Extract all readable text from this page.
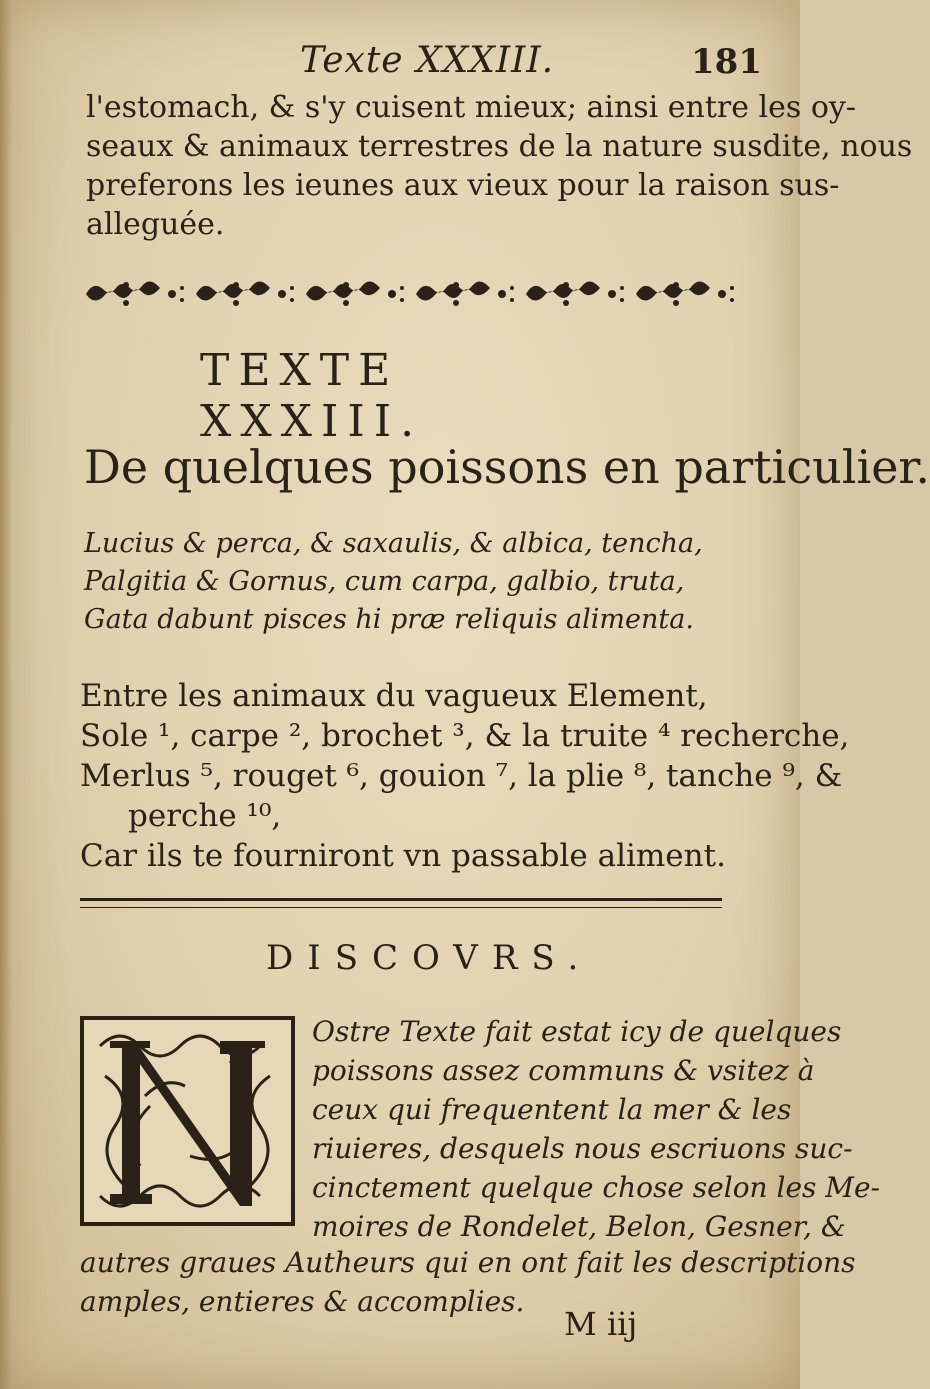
Texte XXXIII.	181
l'estomach, & s'y cuisent mieux; ainsi entre les oy-
seaux & animaux terrestres de la nature susdite, nous
preferons les ieunes aux vieux pour la raison sus-
alleguée.
TEXTE XXXIII.
De quelques poissons en particulier.
Lucius & perca, & saxaulis, & albica, tencha,
Palgitia & Gornus, cum carpa, galbio, truta,
Gata dabunt pisces hi præ reliquis alimenta.
Entre les animaux du vagueux Element,
Sole ¹, carpe ², brochet ³, & la truite ⁴ recherche,
Merlus ⁵, rouget ⁶, gouion ⁷, la plie ⁸, tanche ⁹, &
perche ¹⁰,
Car ils te fourniront vn passable aliment.
DISCOVRS.
Ostre Texte fait estat icy de quelques
poissons assez communs & vsitez à
ceux qui frequentent la mer & les
riuieres, desquels nous escriuons suc-
cinctement quelque chose selon les Me-
moires de Rondelet, Belon, Gesner, &
autres graues Autheurs qui en ont fait les descriptions
amples, entieres & accomplies.
M iij
